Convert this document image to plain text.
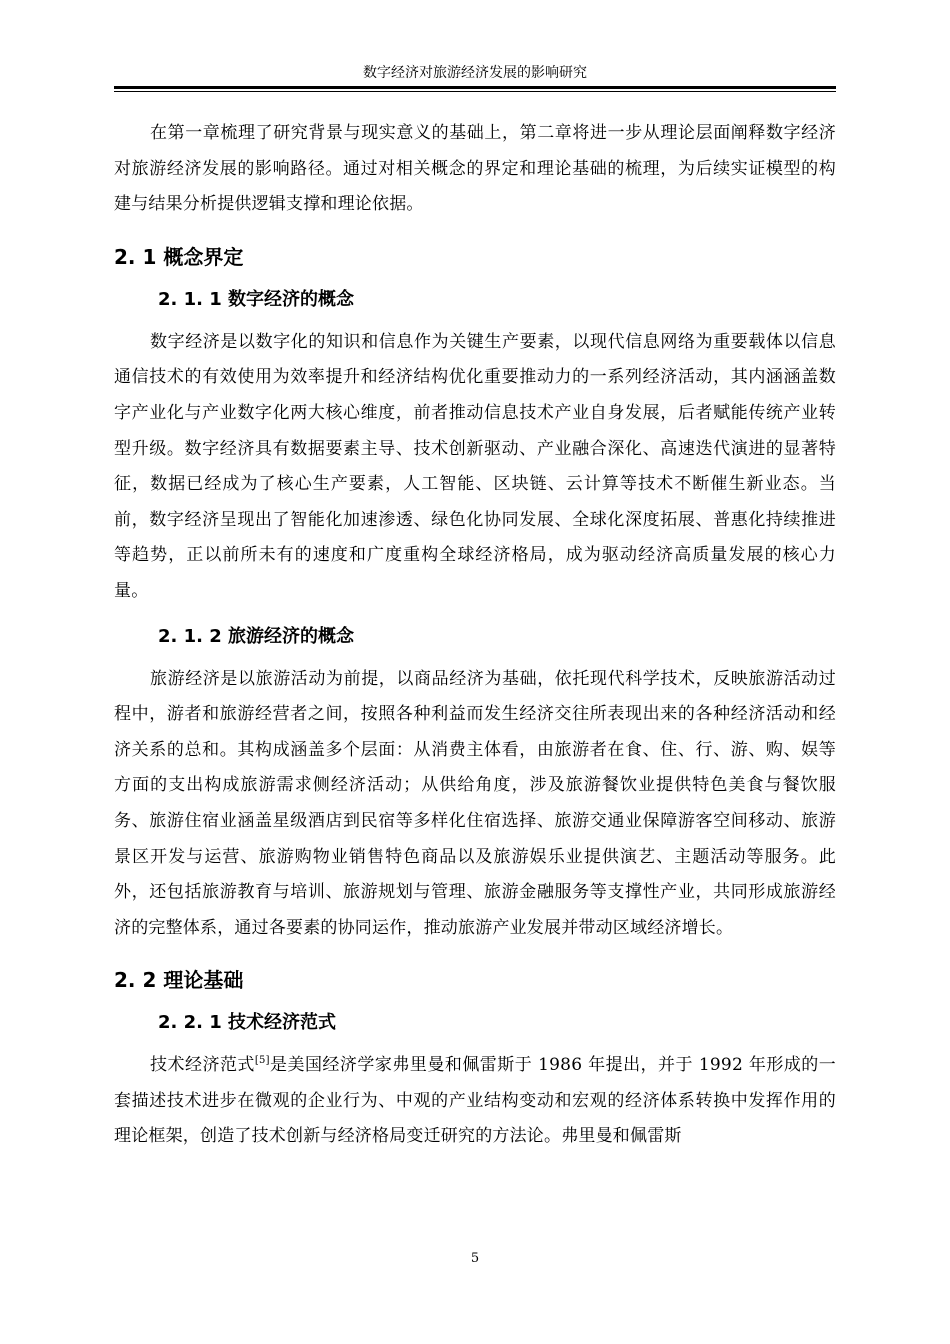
数字经济对旅游经济发展的影响研究

在第一章梳理了研究背景与现实意义的基础上，第二章将进一步从理论层面阐释数字经济对旅游经济发展的影响路径。通过对相关概念的界定和理论基础的梳理，为后续实证模型的构建与结果分析提供逻辑支撑和理论依据。

2. 1 概念界定
2. 1. 1 数字经济的概念

数字经济是以数字化的知识和信息作为关键生产要素，以现代信息网络为重要载体以信息通信技术的有效使用为效率提升和经济结构优化重要推动力的一系列经济活动，其内涵涵盖数字产业化与产业数字化两大核心维度，前者推动信息技术产业自身发展，后者赋能传统产业转型升级。数字经济具有数据要素主导、技术创新驱动、产业融合深化、高速迭代演进的显著特征，数据已经成为了核心生产要素，人工智能、区块链、云计算等技术不断催生新业态。当前，数字经济呈现出了智能化加速渗透、绿色化协同发展、全球化深度拓展、普惠化持续推进等趋势，正以前所未有的速度和广度重构全球经济格局，成为驱动经济高质量发展的核心力量。

2. 1. 2 旅游经济的概念

旅游经济是以旅游活动为前提，以商品经济为基础，依托现代科学技术，反映旅游活动过程中，游者和旅游经营者之间，按照各种利益而发生经济交往所表现出来的各种经济活动和经济关系的总和。其构成涵盖多个层面：从消费主体看，由旅游者在食、住、行、游、购、娱等方面的支出构成旅游需求侧经济活动；从供给角度，涉及旅游餐饮业提供特色美食与餐饮服务、旅游住宿业涵盖星级酒店到民宿等多样化住宿选择、旅游交通业保障游客空间移动、旅游景区开发与运营、旅游购物业销售特色商品以及旅游娱乐业提供演艺、主题活动等服务。此外，还包括旅游教育与培训、旅游规划与管理、旅游金融服务等支撑性产业，共同形成旅游经济的完整体系，通过各要素的协同运作，推动旅游产业发展并带动区域经济增长。

2. 2 理论基础
2. 2. 1 技术经济范式

技术经济范式[5]是美国经济学家弗里曼和佩雷斯于 1986 年提出，并于 1992 年形成的一套描述技术进步在微观的企业行为、中观的产业结构变动和宏观的经济体系转换中发挥作用的理论框架，创造了技术创新与经济格局变迁研究的方法论。弗里曼和佩雷斯

5
